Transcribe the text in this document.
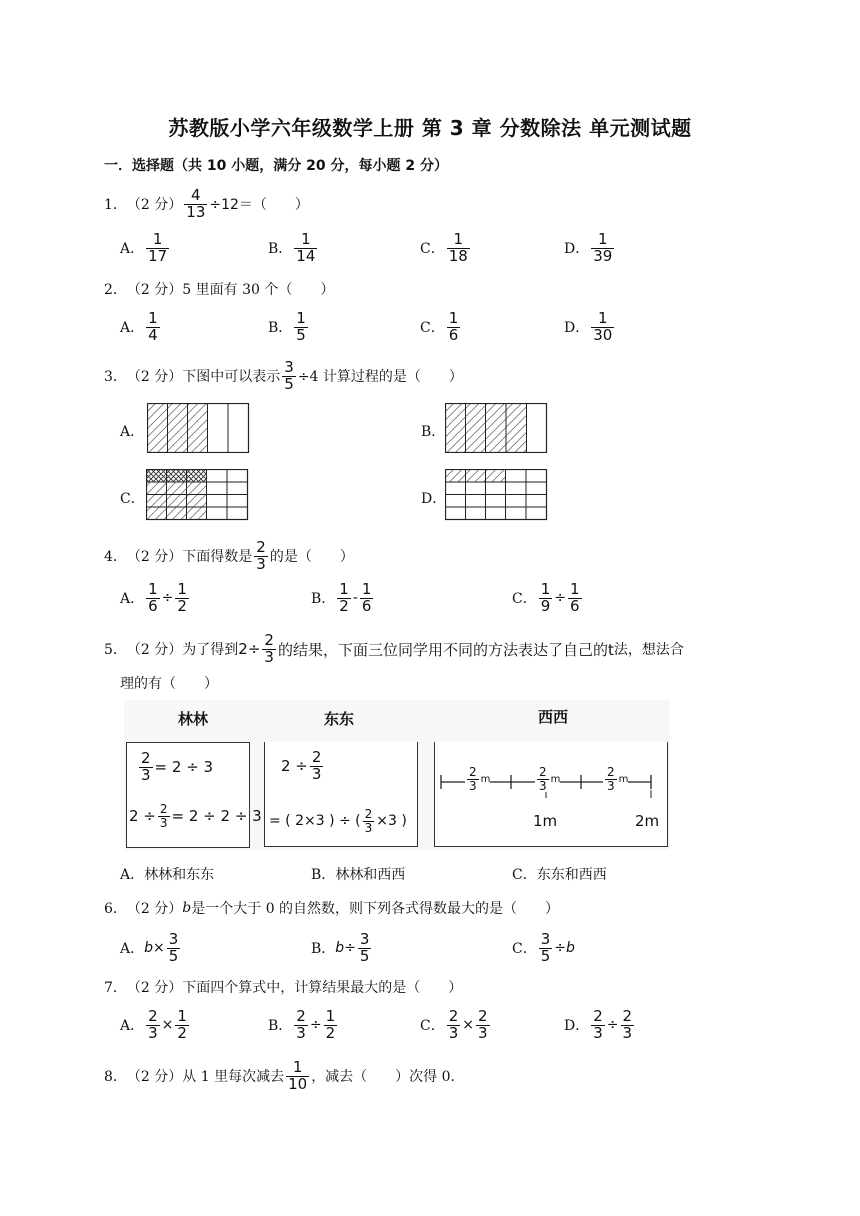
苏教版小学六年级数学上册 第 3 章 分数除法 单元测试题
一．选择题（共 10 小题，满分 20 分，每小题 2 分）
1． （2 分） $\frac{4}{13} \div 12=$（　　）
2． （2 分） 5 里面有 30 个（　　）
3． （2 分） 下图中可以表示 $\frac{3}{5} \div 4$ 计算过程的是（　　）
A．	B．
C．	D．
4． （2 分） 下面得数是 $\frac{2}{3}$ 的是（　　）
5． （2 分） 为了得到 $2\div \frac{2}{3}$ 的结果，下面三位同学用不同的方法表达了自己的t 法，想法合
理的有（　　）
林林	东东	西西
$\frac{2}{3} = 2 \div 3$
$2 \div \frac{2}{3} = 2 \div 2 \div 3$
$2 \div \frac{2}{3}$
= ( 2×3 ) ÷ ( $\frac{2}{3} \times 3$ )
$\frac{2}{3}$ m	$\frac{2}{3}$ m	$\frac{2}{3}$ m
1m	2m
6． （2 分） b 是一个大于 0 的自然数，则下列各式得数最大的是（　　）
7． （2 分） 下面四个算式中，计算结果最大的是（　　）
8． （2 分） 从 1 里每次减去 $\frac{1}{10}$ ，减去（　　）次得 0．
A． $\frac{1}{17}$	B． $\frac{1}{14}$	C． $\frac{1}{18}$	D． $\frac{1}{39}$
A． $\frac{1}{4}$	B． $\frac{1}{5}$	C． $\frac{1}{6}$	D． $\frac{1}{30}$
A． $\frac{1}{6} \div \frac{1}{2}$	B． $\frac{1}{2} - \frac{1}{6}$	C． $\frac{1}{9} \div \frac{1}{6}$
A． 林林和东东	B． 林林和西西	C． 东东和西西
A． $b\times \frac{3}{5}$	B． $b\div \frac{3}{5}$	C． $\frac{3}{5} \div b$
A． $\frac{2}{3} \times \frac{1}{2}$	B． $\frac{2}{3} \div \frac{1}{2}$	C． $\frac{2}{3} \times \frac{2}{3}$	D． $\frac{2}{3} \div \frac{2}{3}$
